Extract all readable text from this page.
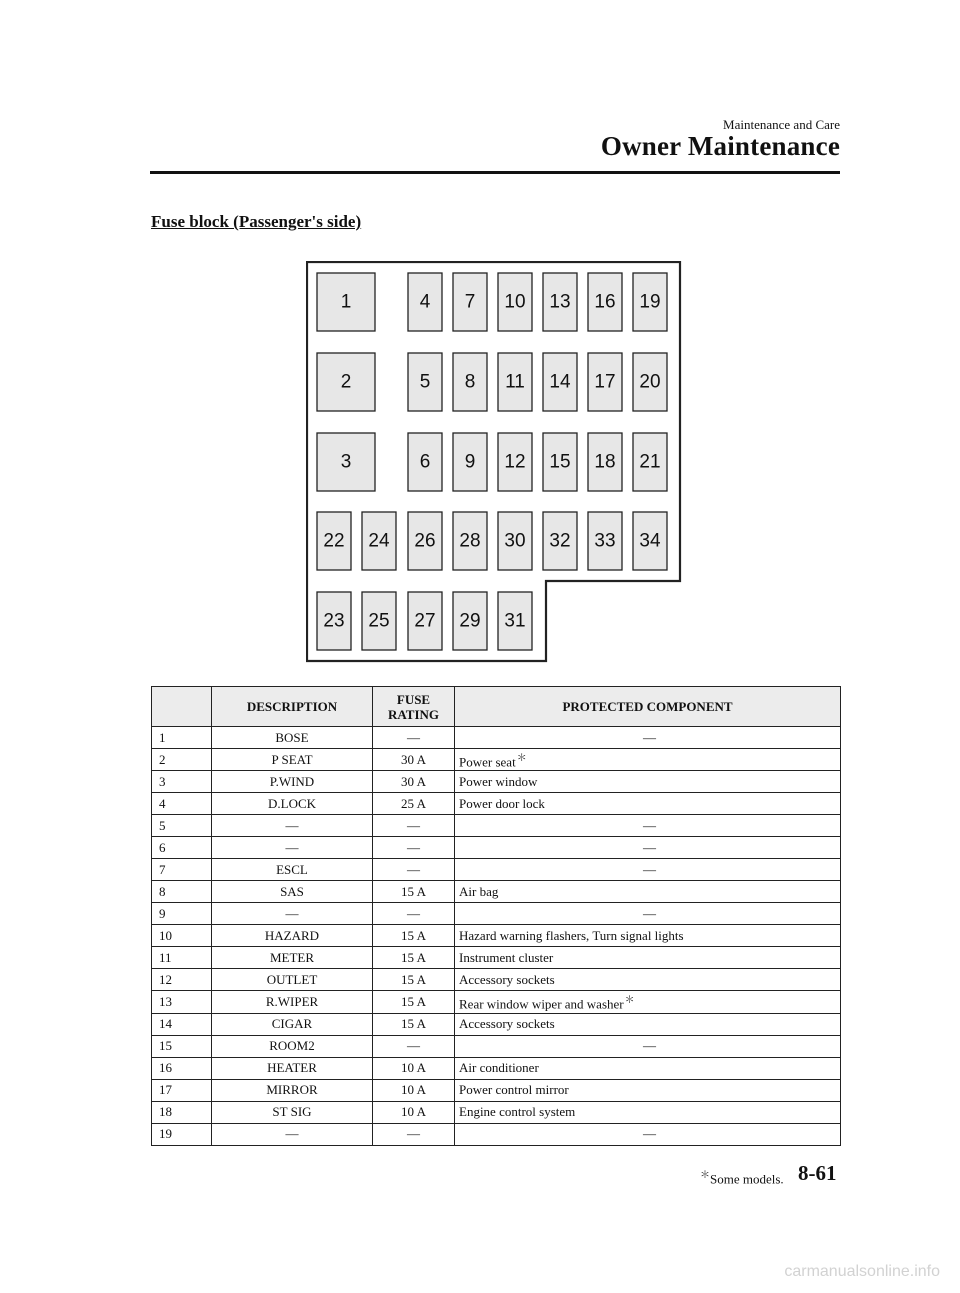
Maintenance and Care
Owner Maintenance
Fuse block (Passenger's side)
1
2
3
4
5
6
7
8
9
10
11
12
13
14
15
16
17
18
19
20
21
22
23
24
25
26
27
28
29
30
31
32 33 34
	DESCRIPTION	FUSE RATING	PROTECTED COMPONENT
1	BOSE	―	―
2	P SEAT	30 A	Power seat＊
3	P.WIND	30 A	Power window
4	D.LOCK	25 A	Power door lock
5	―	―	―
6	―	―	―
7	ESCL	―	―
8	SAS	15 A	Air bag
9	―	―	―
10	HAZARD	15 A	Hazard warning flashers, Turn signal lights
11	METER	15 A	Instrument cluster
12	OUTLET	15 A	Accessory sockets
13	R.WIPER	15 A	Rear window wiper and washer＊
14	CIGAR	15 A	Accessory sockets
15	ROOM2	―	―
16	HEATER	10 A	Air conditioner
17	MIRROR	10 A	Power control mirror
18	ST SIG	10 A	Engine control system
19	―	―	―
＊Some models. 8-61
carmanualsonline.info
